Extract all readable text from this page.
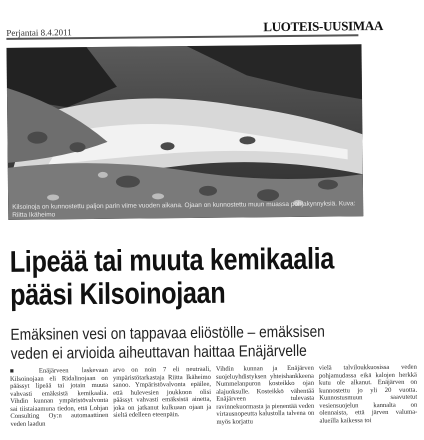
Perjantai 8.4.2011	LUOTEIS-UUSIMAA
Kilsoinoja on kunnostettu paljon parin viime vuoden aikana. Ojaan on kunnostettu muun muassa pohjakynnyksiä. Kuva: Riitta Ikäheimo
Lipeää tai muuta kemikaalia
pääsi Kilsoinojaan

Emäksinen vesi on tappavaa eliöstölle – emäksisen veden ei arvioida aiheuttavan haittaa Enäjärvelle

■ Enäjärveen laskevaan Kilsoinojaan eli Ridalinojaan on päässyt lipeää tai jotain muuta vahvasti emäksistä kemikaalia. Vihdin kunnan ympäristövalvonta sai tiistaiaamuna tiedon, että Lohjan Consulting Oy:n automaattinen veden laadun
arvo on noin 7 eli neutraali, ympäristötarkastaja Riitta Ikäheimo sanoo. Ympäristövalvonta epäilee, että hulevesien joukkoon olisi päässyt vahvasti emäksistä ainetta, joka on jatkanut kulkuaan ojaan ja sieltä edelleen eteenpäin.
Vihdin kunnan ja Enäjärven suojeluyhdistyksen yhteishankkeena Nummelanpuron kosteikko ojan alajuoksulle. Kosteikkö vähentää Enäjärveen tulevasta ravinnekuormasta ja pienentää veden virtausnopeutta kalustolla talvena on myös korjattu
vielä talviloukkuosissa veden pohjamudassa eikä kalojen herkkä kutu ole alkanut. Enäjärven on kunnostettu jo yli 20 vuotta. Kunnostusmuun saavutetut vesiensuojelun kannalta on olennaista, että järven valuma-alueilla kaikessa toi
